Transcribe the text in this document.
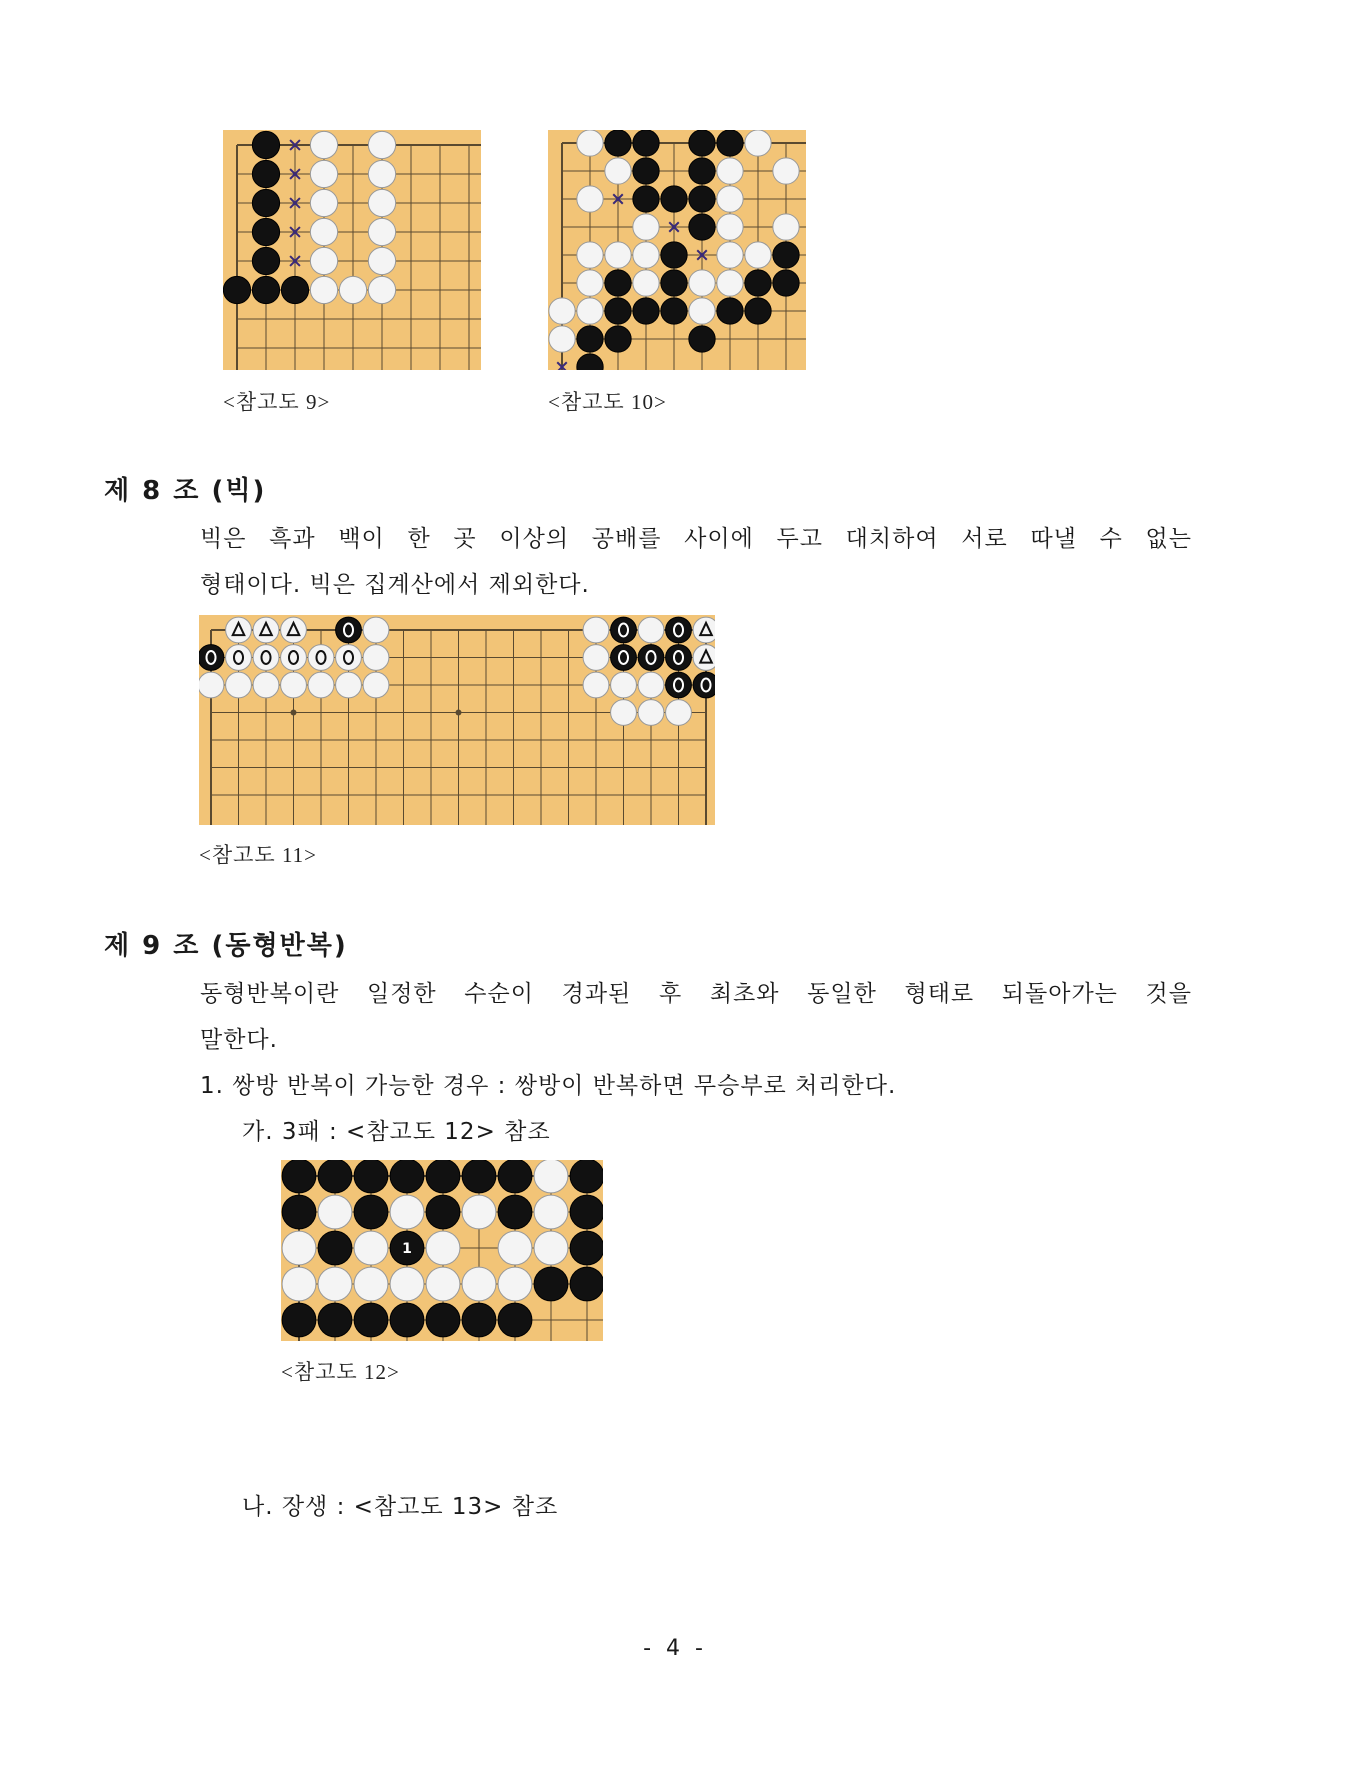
<참고도 9>	<참고도 10>
제 8 조 (빅)
빅은 흑과 백이 한 곳 이상의 공배를 사이에 두고 대치하여 서로 따낼 수 없는
형태이다. 빅은 집계산에서 제외한다.
<참고도 11>
제 9 조 (동형반복)
동형반복이란 일정한 수순이 경과된 후 최초와 동일한 형태로 되돌아가는 것을
말한다.
1. 쌍방 반복이 가능한 경우 : 쌍방이 반복하면 무승부로 처리한다.
가. 3패 : <참고도 12> 참조
1
<참고도 12>
나. 장생 : <참고도 13> 참조
- 4 -
